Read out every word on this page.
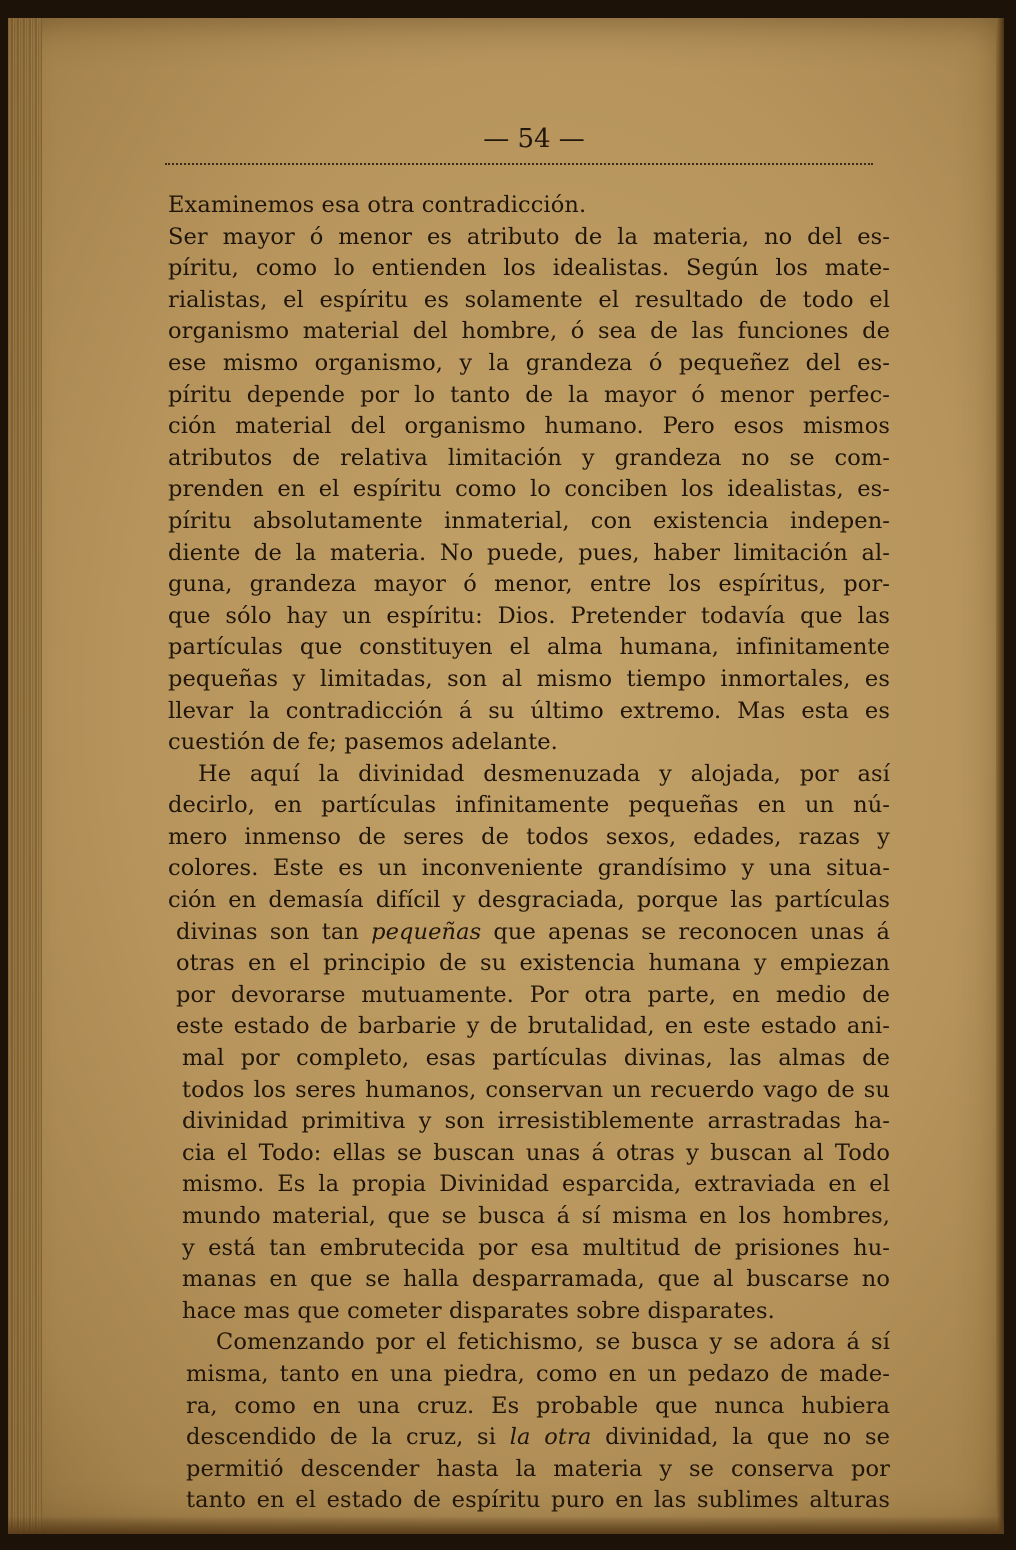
— 54 —
Examinemos esa otra contradicción.
Ser mayor ó menor es atributo de la materia, no del es-
píritu, como lo entienden los idealistas. Según los mate-
rialistas, el espíritu es solamente el resultado de todo el
organismo material del hombre, ó sea de las funciones de
ese mismo organismo, y la grandeza ó pequeñez del es-
píritu depende por lo tanto de la mayor ó menor perfec-
ción material del organismo humano. Pero esos mismos
atributos de relativa limitación y grandeza no se com-
prenden en el espíritu como lo conciben los idealistas, es-
píritu absolutamente inmaterial, con existencia indepen-
diente de la materia. No puede, pues, haber limitación al-
guna, grandeza mayor ó menor, entre los espíritus, por-
que sólo hay un espíritu: Dios. Pretender todavía que las
partículas que constituyen el alma humana, infinitamente
pequeñas y limitadas, son al mismo tiempo inmortales, es
llevar la contradicción á su último extremo. Mas esta es
cuestión de fe; pasemos adelante.
He aquí la divinidad desmenuzada y alojada, por así
decirlo, en partículas infinitamente pequeñas en un nú-
mero inmenso de seres de todos sexos, edades, razas y
colores. Este es un inconveniente grandísimo y una situa-
ción en demasía difícil y desgraciada, porque las partículas
divinas son tan pequeñas que apenas se reconocen unas á
otras en el principio de su existencia humana y empiezan
por devorarse mutuamente. Por otra parte, en medio de
este estado de barbarie y de brutalidad, en este estado ani-
mal por completo, esas partículas divinas, las almas de
todos los seres humanos, conservan un recuerdo vago de su
divinidad primitiva y son irresistiblemente arrastradas ha-
cia el Todo: ellas se buscan unas á otras y buscan al Todo
mismo. Es la propia Divinidad esparcida, extraviada en el
mundo material, que se busca á sí misma en los hombres,
y está tan embrutecida por esa multitud de prisiones hu-
manas en que se halla desparramada, que al buscarse no
hace mas que cometer disparates sobre disparates.
Comenzando por el fetichismo, se busca y se adora á sí
misma, tanto en una piedra, como en un pedazo de made-
ra, como en una cruz. Es probable que nunca hubiera
descendido de la cruz, si la otra divinidad, la que no se
permitió descender hasta la materia y se conserva por
tanto en el estado de espíritu puro en las sublimes alturas
